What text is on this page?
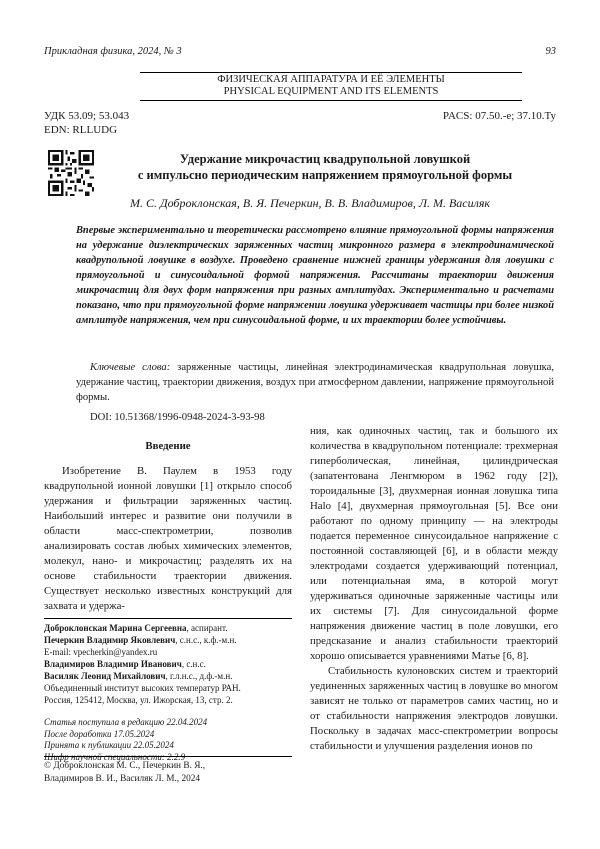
Прикладная физика, 2024, № 3	93
ФИЗИЧЕСКАЯ АППАРАТУРА И ЕЁ ЭЛЕМЕНТЫ
PHYSICAL EQUIPMENT AND ITS ELEMENTS
УДК 53.09; 53.043
EDN: RLLUDG
PACS: 07.50.-e; 37.10.Ty
Удержание микрочастиц квадрупольной ловушкой
с импульсно периодическим напряжением прямоугольной формы
М. С. Доброклонская, В. Я. Печеркин, В. В. Владимиров, Л. М. Василяк
Впервые экспериментально и теоретически рассмотрено влияние прямоугольной формы напряжения на удержание диэлектрических заряженных частиц микронного размера в электродинамической квадрупольной ловушке в воздухе. Проведено сравнение нижней границы удержания для ловушки с прямоугольной и синусоидальной формой напряжения. Рассчитаны траектории движения микрочастиц для двух форм напряжения при разных амплитудах. Экспериментально и расчетами показано, что при прямоугольной форме напряжении ловушка удерживает частицы при более низкой амплитуде напряжения, чем при синусоидальной форме, и их траектории более устойчивы.
Ключевые слова: заряженные частицы, линейная электродинамическая квадрупольная ловушка, удержание частиц, траектории движения, воздух при атмосферном давлении, напряжение прямоугольной формы.
DOI: 10.51368/1996-0948-2024-3-93-98
Введение
Изобретение В. Паулем в 1953 году квадрупольной ионной ловушки [1] открыло способ удержания и фильтрации заряженных частиц. Наибольший интерес и развитие они получили в области масс-спектрометрии, позволив анализировать состав любых химических элементов, молекул, нано- и микрочастиц; разделять их на основе стабильности траектории движения. Существует несколько известных конструкций для захвата и удержа-

ния, как одиночных частиц, так и большого их количества в квадрупольном потенциале: трехмерная гиперболическая, линейная, цилиндрическая (запатентована Ленгмюром в 1962 году [2]), тороидальные [3], двухмерная ионная ловушка типа Halo [4], двухмерная прямоугольная [5]. Все они работают по одному принципу — на электроды подается переменное синусоидальное напряжение с постоянной составляющей [6], и в области между электродами создается удерживающий потенциал, или потенциальная яма, в которой могут удерживаться одиночные заряженные частицы или их системы [7]. Для синусоидальной форме напряжения движение частиц в поле ловушки, его предсказание и анализ стабильности траекторий хорошо описывается уравнениями Матье [6, 8].

Стабильность кулоновских систем и траекторий уединенных заряженных частиц в ловушке во многом зависят не только от параметров самих частиц, но и от стабильности напряжения электродов ловушки. Поскольку в задачах масс-спектрометрии вопросы стабильности и улучшения разделения ионов по

Доброклонская Марина Сергеевна, аспирант.
Печеркин Владимир Яковлевич, с.н.с., к.ф.-м.н.
E-mail: vpecherkin@yandex.ru
Владимиров Владимир Иванович, с.н.с.
Василяк Леонид Михайлович, г.л.н.с., д.ф.-м.н.
Объединенный институт высоких температур РАН.
Россия, 125412, Москва, ул. Ижорская, 13, стр. 2.
Статья поступила в редакцию 22.04.2024
После доработки 17.05.2024
Принята к публикации 22.05.2024
© Доброклонская М. С., Печеркин В. Я.,
Владимиров В. И., Василяк Л. М., 2024
